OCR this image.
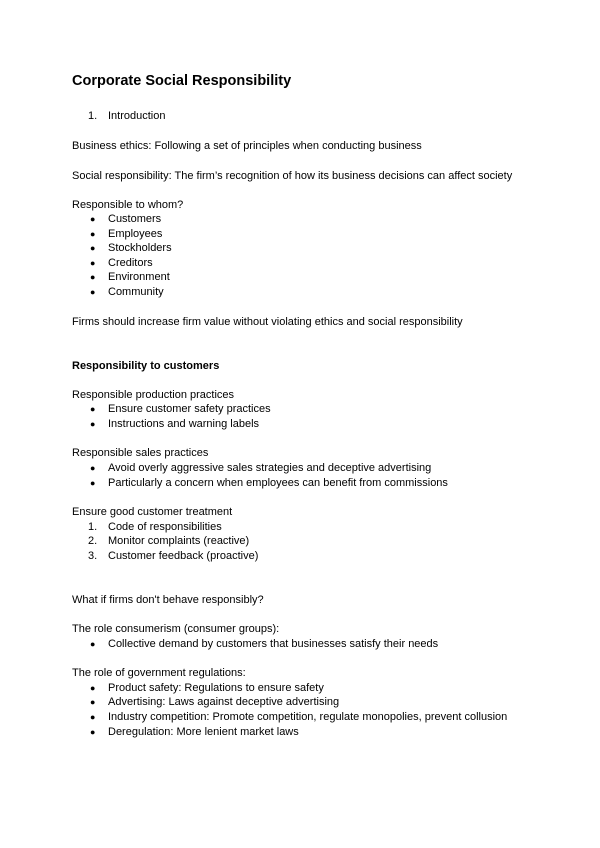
Corporate Social Responsibility
1. Introduction
Business ethics: Following a set of principles when conducting business
Social responsibility: The firm’s recognition of how its business decisions can affect society
Responsible to whom?
●	Customers
●	Employees
●	Stockholders
●	Creditors
●	Environment
●	Community
Firms should increase firm value without violating ethics and social responsibility
Responsibility to customers
Responsible production practices
●	Ensure customer safety practices
●	Instructions and warning labels
Responsible sales practices
●	Avoid overly aggressive sales strategies and deceptive advertising
●	Particularly a concern when employees can benefit from commissions
Ensure good customer treatment
1. Code of responsibilities
2. Monitor complaints (reactive)
3. Customer feedback (proactive)
What if firms don't behave responsibly?
The role consumerism (consumer groups):
●	Collective demand by customers that businesses satisfy their needs
The role of government regulations:
●	Product safety: Regulations to ensure safety
●	Advertising: Laws against deceptive advertising
●	Industry competition: Promote competition, regulate monopolies, prevent collusion
●	Deregulation: More lenient market laws
